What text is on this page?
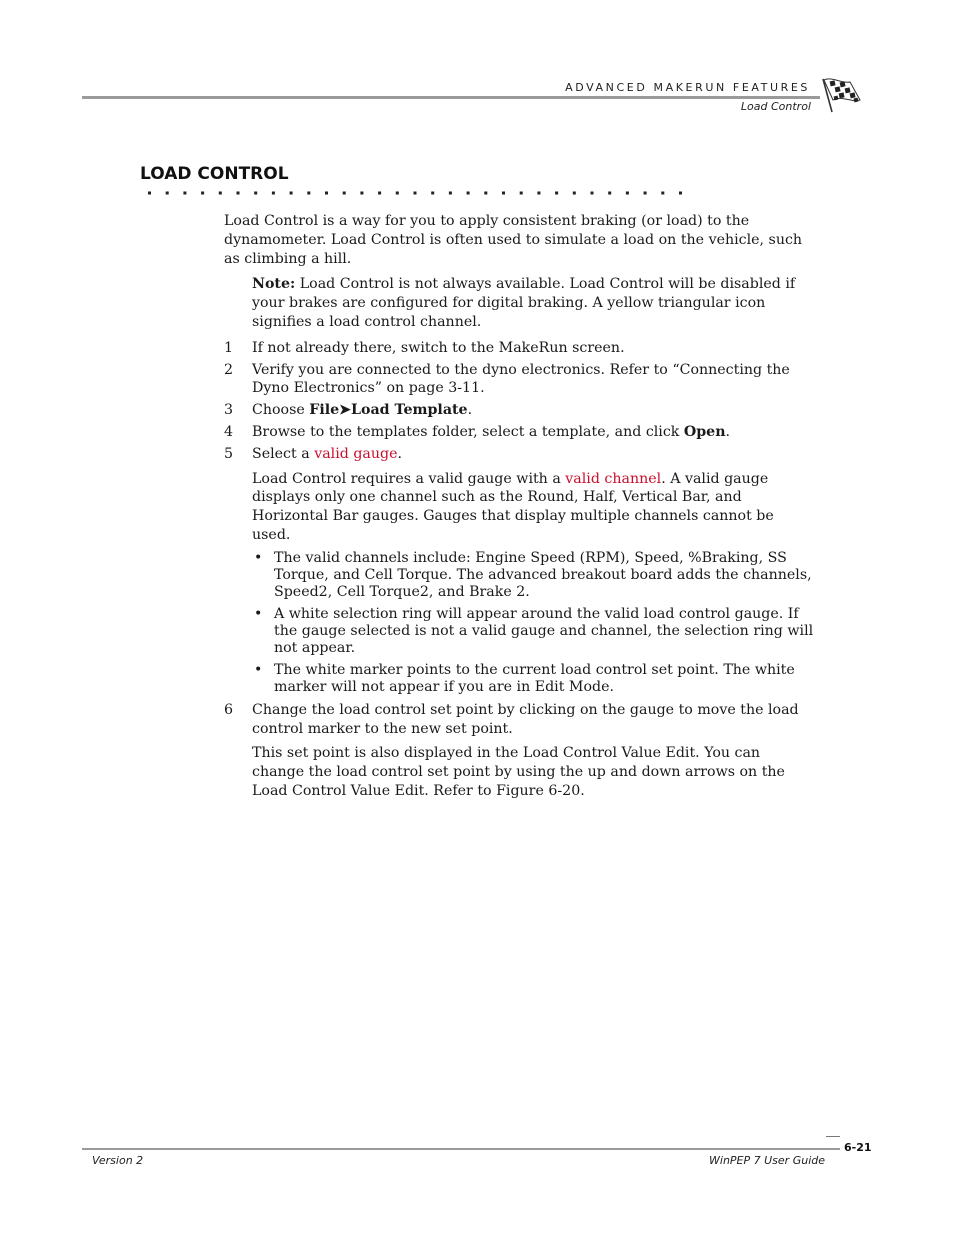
ADVANCED MAKERUN FEATURES
Load Control
LOAD CONTROL

Load Control is a way for you to apply consistent braking (or load) to the dynamometer. Load Control is often used to simulate a load on the vehicle, such as climbing a hill.

Note: Load Control is not always available. Load Control will be disabled if your brakes are configured for digital braking. A yellow triangular icon signifies a load control channel.

1 If not already there, switch to the MakeRun screen.
2 Verify you are connected to the dyno electronics. Refer to “Connecting the Dyno Electronics” on page 3-11.
3 Choose File➤Load Template.
4 Browse to the templates folder, select a template, and click Open.
5 Select a valid gauge.

Load Control requires a valid gauge with a valid channel. A valid gauge displays only one channel such as the Round, Half, Vertical Bar, and Horizontal Bar gauges. Gauges that display multiple channels cannot be used.

• The valid channels include: Engine Speed (RPM), Speed, %Braking, SS Torque, and Cell Torque. The advanced breakout board adds the channels, Speed2, Cell Torque2, and Brake 2.
• A white selection ring will appear around the valid load control gauge. If the gauge selected is not a valid gauge and channel, the selection ring will not appear.
• The white marker points to the current load control set point. The white marker will not appear if you are in Edit Mode.
6 Change the load control set point by clicking on the gauge to move the load control marker to the new set point.

This set point is also displayed in the Load Control Value Edit. You can change the load control set point by using the up and down arrows on the Load Control Value Edit. Refer to Figure 6-20.

6-21
Version 2	WinPEP 7 User Guide
